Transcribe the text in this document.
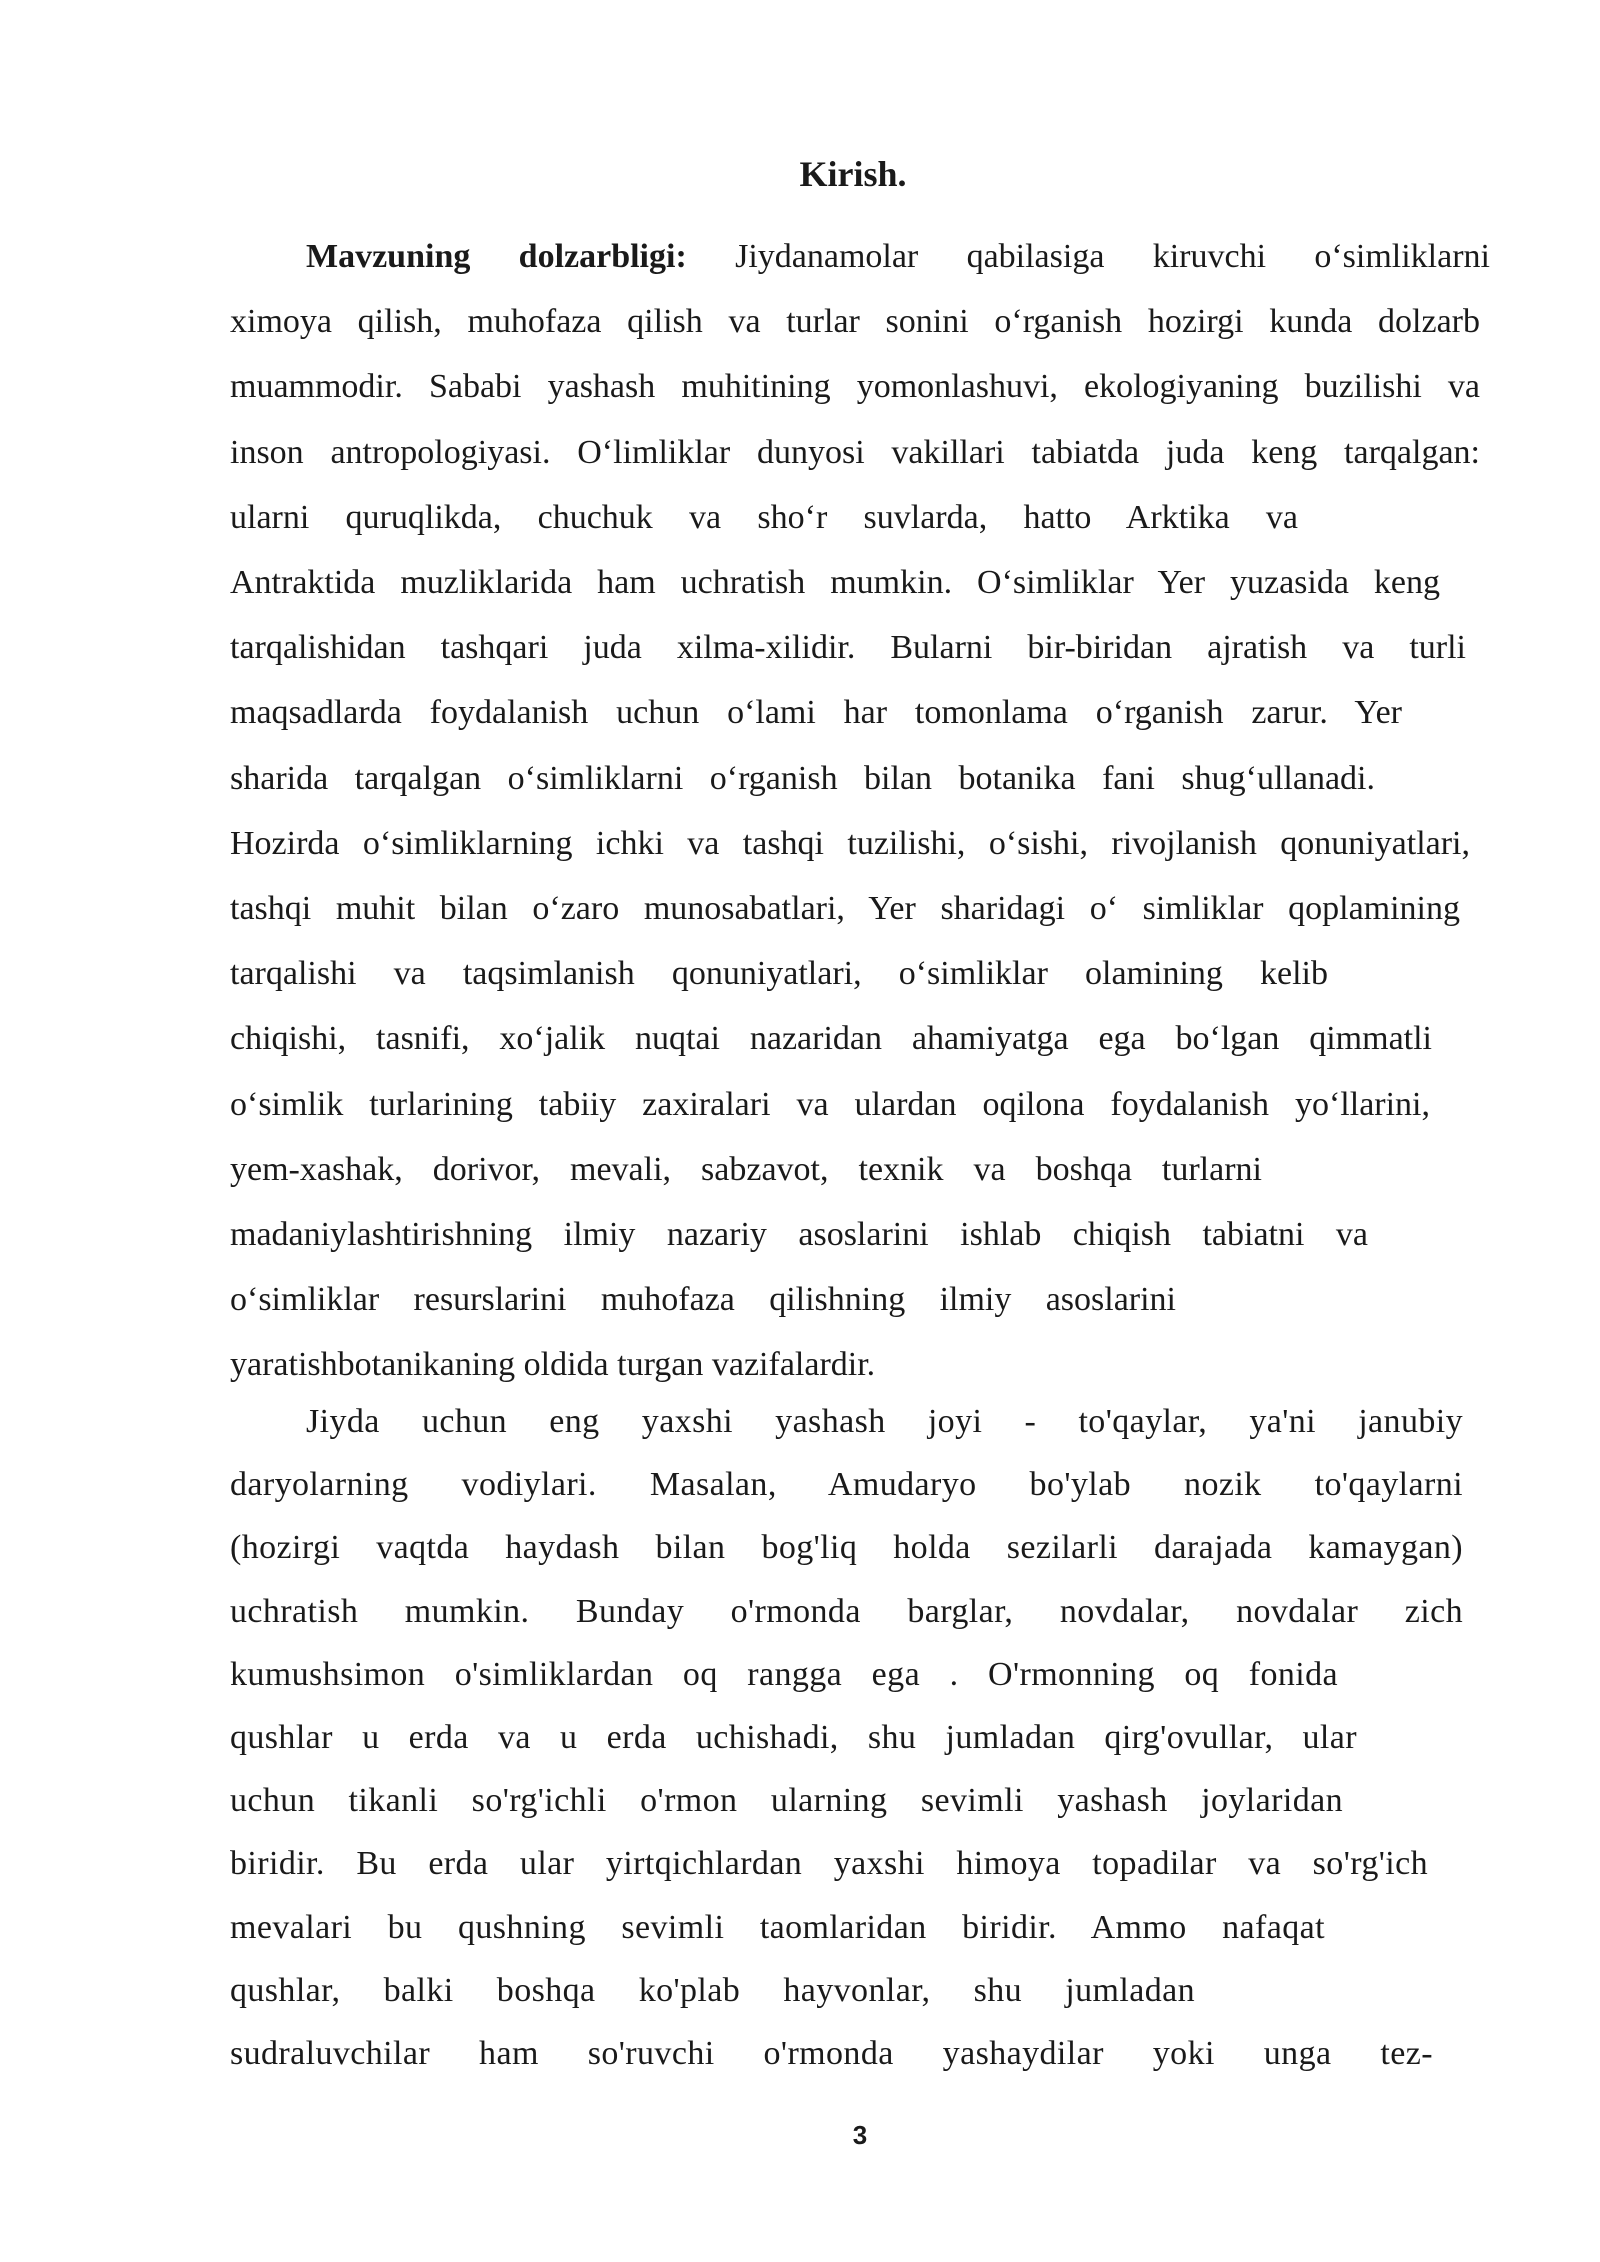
Kirish.
Mavzuning dolzarbligi: Jiydanamolar qabilasiga kiruvchi o‘simliklarni
ximoya qilish, muhofaza qilish va turlar sonini o‘rganish hozirgi kunda dolzarb
muammodir. Sababi yashash muhitining yomonlashuvi, ekologiyaning buzilishi va
inson antropologiyasi. O‘limliklar dunyosi vakillari tabiatda juda keng tarqalgan:
ularni quruqlikda, chuchuk va sho‘r suvlarda, hatto Arktika va
Antraktida muzliklarida ham uchratish mumkin. O‘simliklar Yer yuzasida keng
tarqalishidan tashqari juda xilma-xilidir. Bularni bir-biridan ajratish va turli
maqsadlarda foydalanish uchun o‘lami har tomonlama o‘rganish zarur. Yer
sharida tarqalgan o‘simliklarni o‘rganish bilan botanika fani shug‘ullanadi.
Hozirda o‘simliklarning ichki va tashqi tuzilishi, o‘sishi, rivojlanish qonuniyatlari,
tashqi muhit bilan o‘zaro munosabatlari, Yer sharidagi o‘ simliklar qoplamining
tarqalishi va taqsimlanish qonuniyatlari, o‘simliklar olamining kelib
chiqishi, tasnifi, xo‘jalik nuqtai nazaridan ahamiyatga ega bo‘lgan qimmatli
o‘simlik turlarining tabiiy zaxiralari va ulardan oqilona foydalanish yo‘llarini,
yem-xashak, dorivor, mevali, sabzavot, texnik va boshqa turlarni
madaniylashtirishning ilmiy nazariy asoslarini ishlab chiqish tabiatni va
o‘simliklar resurslarini muhofaza qilishning ilmiy asoslarini
yaratishbotanikaning oldida turgan vazifalardir.
Jiyda uchun eng yaxshi yashash joyi - to'qaylar, ya'ni janubiy
daryolarning vodiylari. Masalan, Amudaryo bo'ylab nozik to'qaylarni
(hozirgi vaqtda haydash bilan bog'liq holda sezilarli darajada kamaygan)
uchratish mumkin. Bunday o'rmonda barglar, novdalar, novdalar zich
kumushsimon o'simliklardan oq rangga ega . O'rmonning oq fonida
qushlar u erda va u erda uchishadi, shu jumladan qirg'ovullar, ular
uchun tikanli so'rg'ichli o'rmon ularning sevimli yashash joylaridan
biridir. Bu erda ular yirtqichlardan yaxshi himoya topadilar va so'rg'ich
mevalari bu qushning sevimli taomlaridan biridir. Ammo nafaqat
qushlar, balki boshqa ko'plab hayvonlar, shu jumladan
sudraluvchilar ham so'ruvchi o'rmonda yashaydilar yoki unga tez-
3
